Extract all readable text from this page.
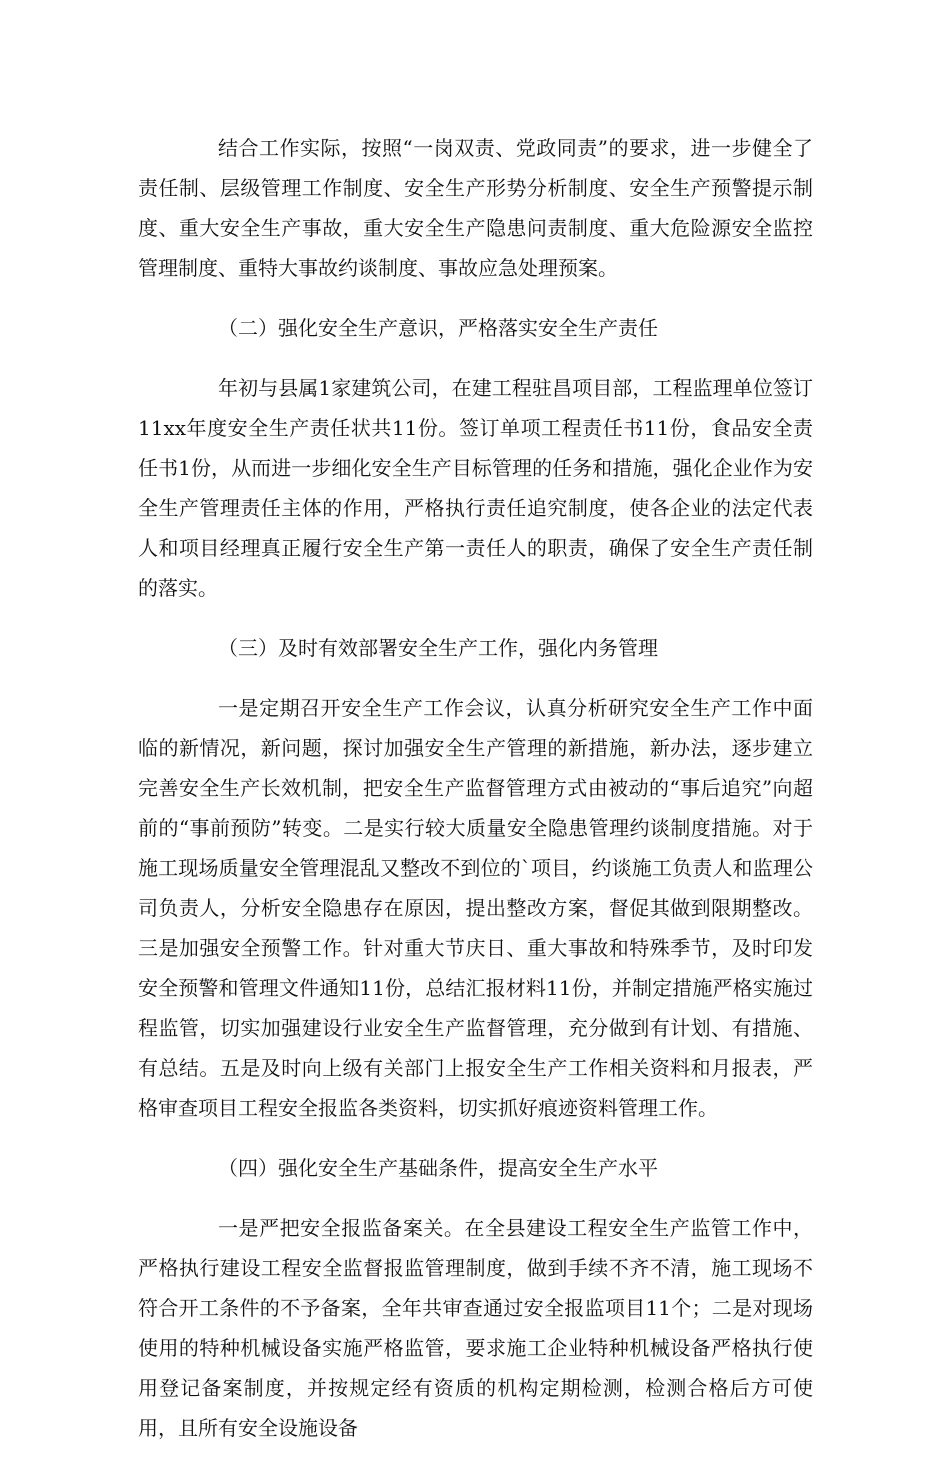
结合工作实际，按照“一岗双责、党政同责”的要求，进一步健全了责任制、层级管理工作制度、安全生产形势分析制度、安全生产预警提示制度、重大安全生产事故，重大安全生产隐患问责制度、重大危险源安全监控管理制度、重特大事故约谈制度、事故应急处理预案。

（二）强化安全生产意识，严格落实安全生产责任

年初与县属1家建筑公司，在建工程驻昌项目部，工程监理单位签订11xx年度安全生产责任状共11份。签订单项工程责任书11份，食品安全责任书1份，从而进一步细化安全生产目标管理的任务和措施，强化企业作为安全生产管理责任主体的作用，严格执行责任追究制度，使各企业的法定代表人和项目经理真正履行安全生产第一责任人的职责，确保了安全生产责任制的落实。

（三）及时有效部署安全生产工作，强化内务管理

一是定期召开安全生产工作会议，认真分析研究安全生产工作中面临的新情况，新问题，探讨加强安全生产管理的新措施，新办法，逐步建立完善安全生产长效机制，把安全生产监督管理方式由被动的“事后追究”向超前的“事前预防”转变。二是实行较大质量安全隐患管理约谈制度措施。对于施工现场质量安全管理混乱又整改不到位的`项目，约谈施工负责人和监理公司负责人，分析安全隐患存在原因，提出整改方案，督促其做到限期整改。三是加强安全预警工作。针对重大节庆日、重大事故和特殊季节，及时印发安全预警和管理文件通知11份，总结汇报材料11份，并制定措施严格实施过程监管，切实加强建设行业安全生产监督管理，充分做到有计划、有措施、有总结。五是及时向上级有关部门上报安全生产工作相关资料和月报表，严格审查项目工程安全报监各类资料，切实抓好痕迹资料管理工作。

（四）强化安全生产基础条件，提高安全生产水平

一是严把安全报监备案关。在全县建设工程安全生产监管工作中，严格执行建设工程安全监督报监管理制度，做到手续不齐不清，施工现场不符合开工条件的不予备案，全年共审查通过安全报监项目11个；二是对现场使用的特种机械设备实施严格监管，要求施工企业特种机械设备严格执行使用登记备案制度，并按规定经有资质的机构定期检测，检测合格后方可使用，且所有安全设施设备
